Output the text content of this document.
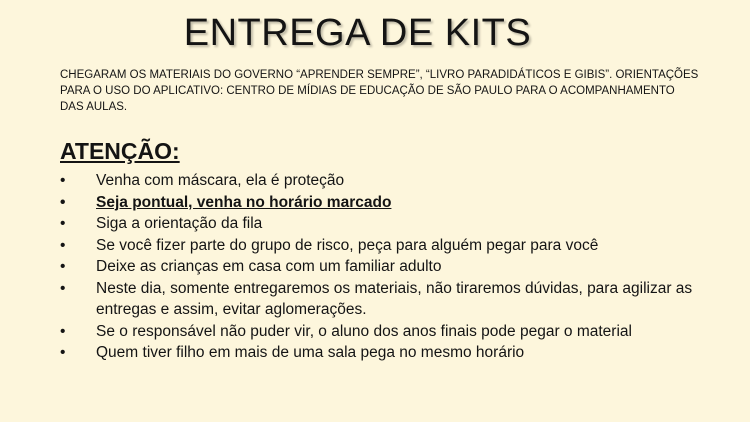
ENTREGA DE KITS
CHEGARAM OS MATERIAIS DO GOVERNO “APRENDER SEMPRE”, “LIVRO PARADIDÁTICOS E GIBIS”. ORIENTAÇÕES PARA O USO DO APLICATIVO: CENTRO DE MÍDIAS DE EDUCAÇÃO DE SÃO PAULO PARA O ACOMPANHAMENTO DAS AULAS.
ATENÇÃO:
• Venha com máscara, ela é proteção
• Seja pontual, venha no horário marcado
• Siga a orientação da fila
• Se você fizer parte do grupo de risco, peça para alguém pegar para você
• Deixe as crianças em casa com um familiar adulto
• Neste dia, somente entregaremos os materiais, não tiraremos dúvidas, para agilizar as entregas e assim, evitar aglomerações.
• Se o responsável não puder vir, o aluno dos anos finais pode pegar o material
• Quem tiver filho em mais de uma sala pega no mesmo horário
